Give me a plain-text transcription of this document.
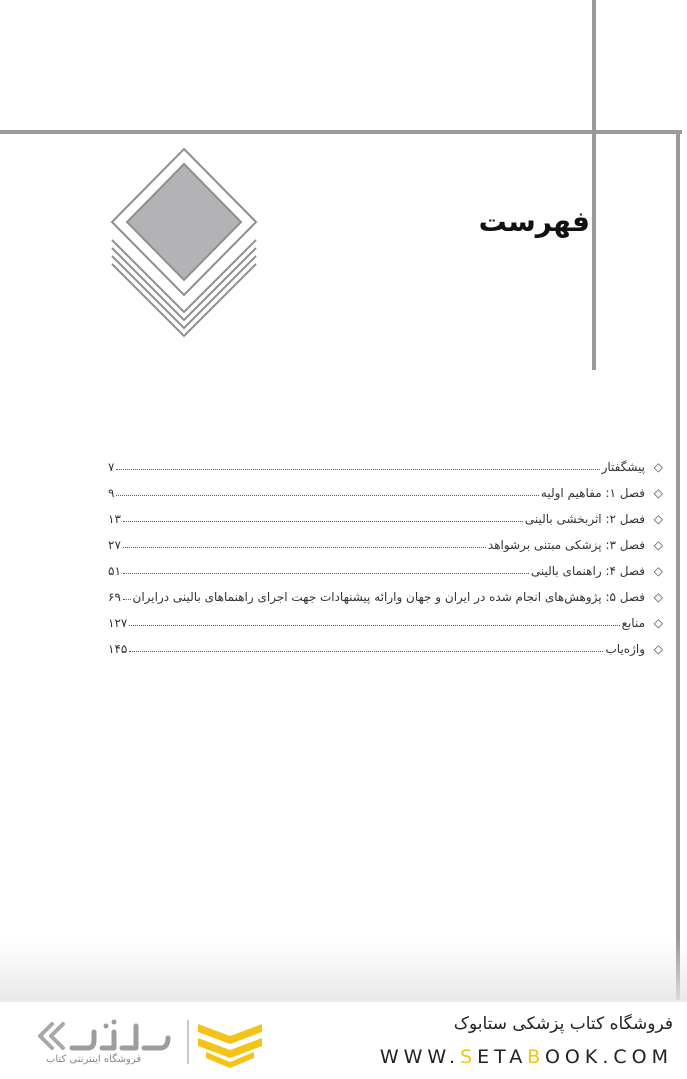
فهرست
◇
پیشگفتار
۷
◇
فصل ۱: مفاهیم اولیه
۹
◇
فصل ۲: اثربخشی بالینی
۱۳
◇
فصل ۳: پزشکی مبتنی برشواهد
۲۷
◇
فصل ۴: راهنمای بالینی
۵۱
◇
فصل ۵: پژوهش‌های انجام شده در ایران و جهان وارائه پیشنهادات جهت اجرای راهنماهای بالینی درایران
۶۹
◇
منابع
۱۲۷
◇
واژه‌یاب
۱۴۵
فروشگاه اینترنتی کتاب
فروشگاه کتاب پزشکی ستابوک
WWW.SETABOOK.COM
